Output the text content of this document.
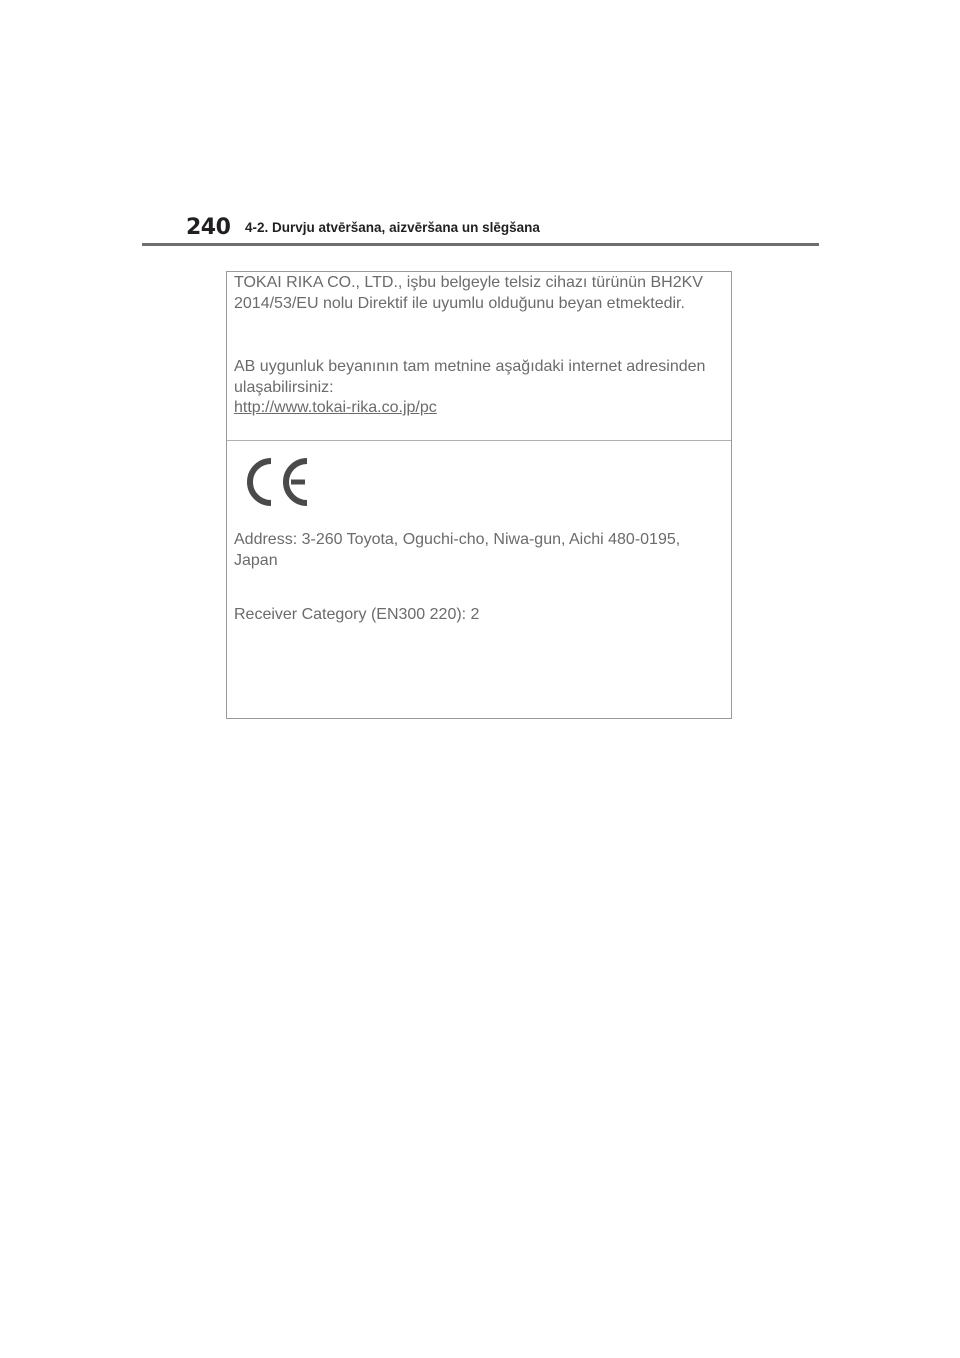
240 4-2. Durvju atvēršana, aizvēršana un slēgšana

TOKAI RIKA CO., LTD., işbu belgeyle telsiz cihazı türünün BH2KV 2014/53/EU nolu Direktif ile uyumlu olduğunu beyan etmektedir.

AB uygunluk beyanının tam metnine aşağıdaki internet adresinden ulaşabilirsiniz:
http://www.tokai-rika.co.jp/pc

Address: 3-260 Toyota, Oguchi-cho, Niwa-gun, Aichi 480-0195, Japan

Receiver Category (EN300 220): 2
